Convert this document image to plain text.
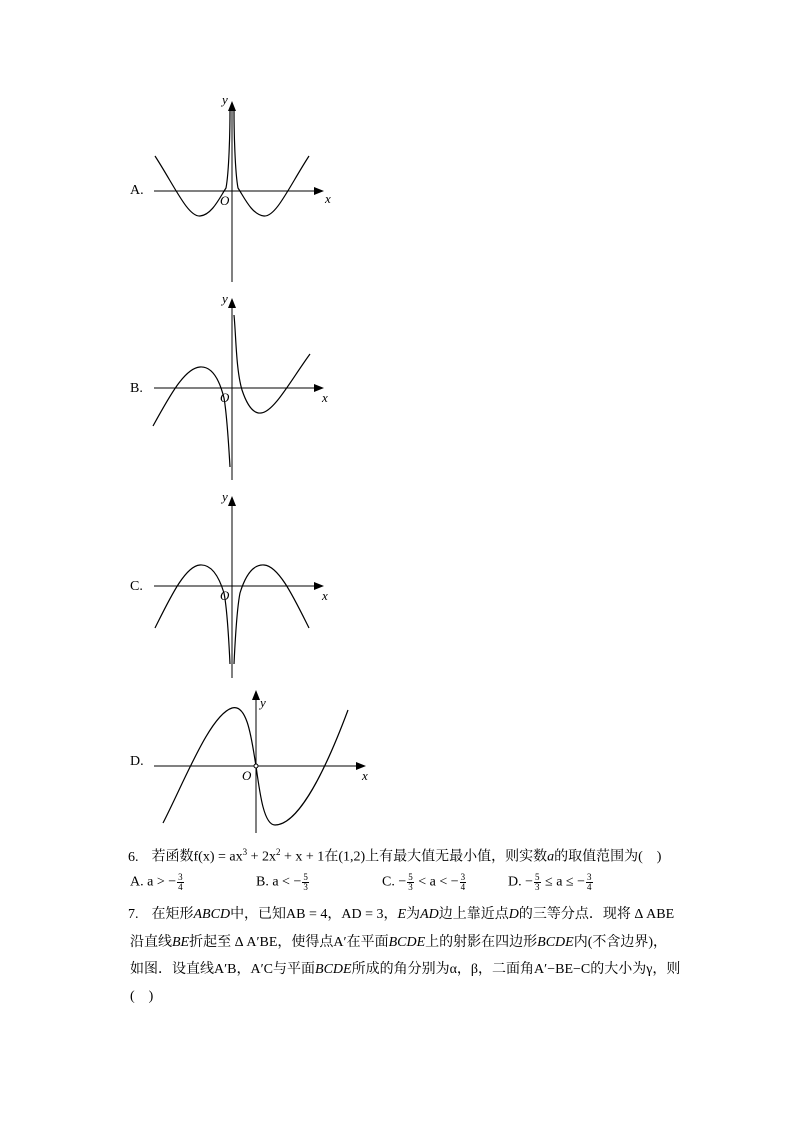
A.
x
y
O
B.
x
y
O
C.
x
y
O
D.
x
y
O
6. 若函数$f(x) = ax^3 + 2x^2 + x + 1$在(1,2)上有最大值无最小值，则实数a的取值范围为(　)
A. a > − $\frac{3}{4}$	B. a < − $\frac{5}{3}$	C. − $\frac{5}{3} < a$ < − $\frac{3}{4}$	D. − $\frac{5}{3} \le a$ ≤ − $\frac{3}{4}$
7. 在矩形ABCD中，已知AB = 4，AD = 3，E为AD边上靠近点D的三等分点．现将 Δ ABE
沿直线BE折起至 Δ A′BE，使得点A′在平面BCDE上的射影在四边形BCDE内(不含边界)，
如图．设直线A′B，A′C与平面BCDE所成的角分别为α，β，二面角A′−BE−C的大小为γ，则
(　)
